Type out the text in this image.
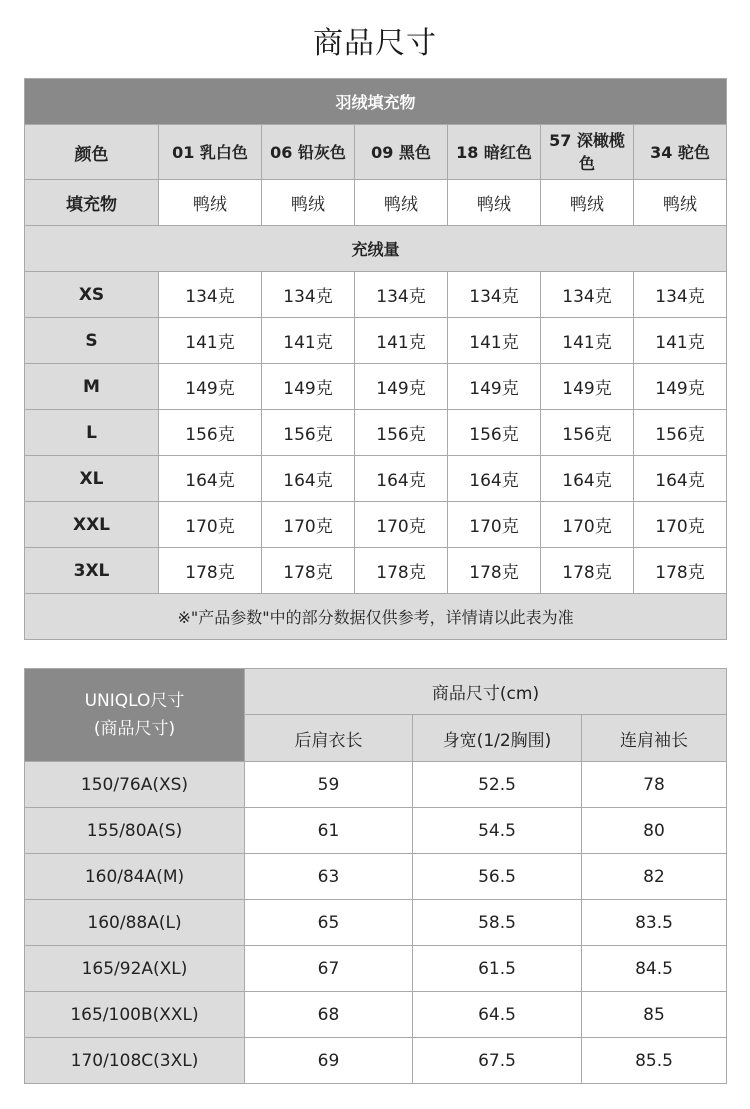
商品尺寸
羽绒填充物						
颜色	01 乳白色	06 铅灰色	09 黑色	18 暗红色	57 深橄榄色	34 驼色
填充物	鸭绒	鸭绒	鸭绒	鸭绒	鸭绒	鸭绒
充绒量						
XS	134克	134克	134克	134克	134克	134克
S	141克	141克	141克	141克	141克	141克
M	149克	149克	149克	149克	149克	149克
L	156克	156克	156克	156克	156克	156克
XL	164克	164克	164克	164克	164克	164克
XXL	170克	170克	170克	170克	170克	170克
3XL	178克	178克	178克	178克	178克	178克
※"产品参数"中的部分数据仅供参考，详情请以此表为准						
UNIQLO尺寸
(商品尺寸)	商品尺寸(cm)		
	后肩衣长	身宽(1/2胸围)	连肩袖长
150/76A(XS)	59	52.5	78
155/80A(S)	61	54.5	80
160/84A(M)	63	56.5	82
160/88A(L)	65	58.5	83.5
165/92A(XL)	67	61.5	84.5
165/100B(XXL)	68	64.5	85
170/108C(3XL)	69	67.5	85.5
